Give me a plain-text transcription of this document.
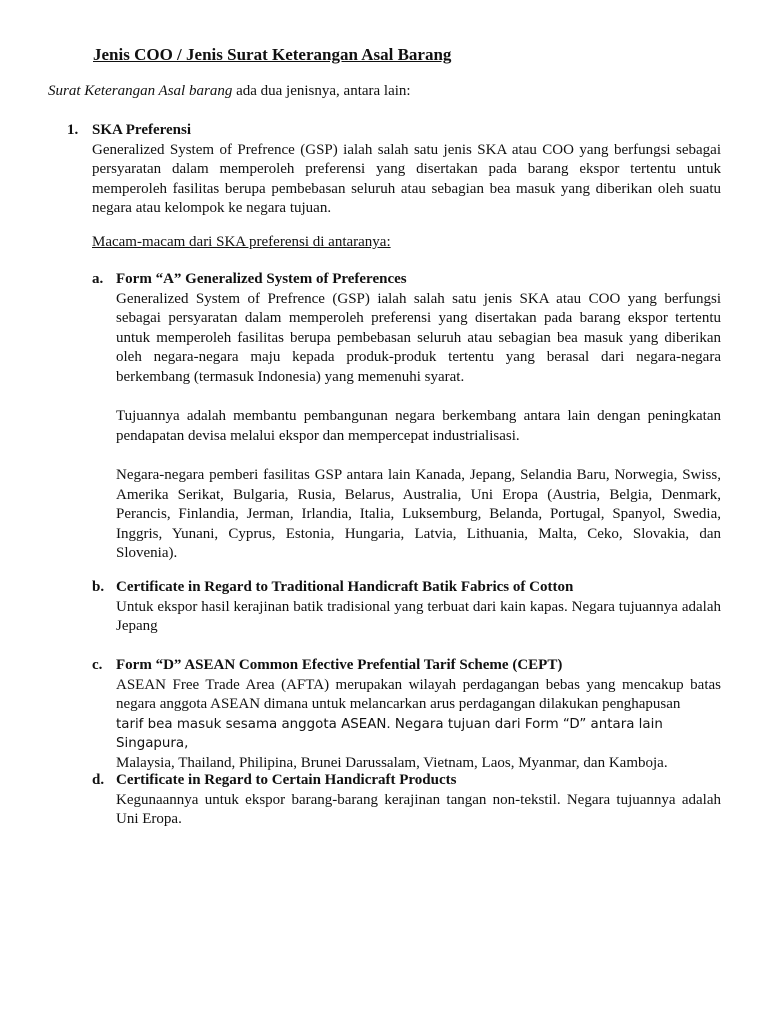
Jenis COO / Jenis Surat Keterangan Asal Barang

Surat Keterangan Asal barang ada dua jenisnya, antara lain:

1. SKA Preferensi
Generalized System of Prefrence (GSP) ialah salah satu jenis SKA atau COO yang berfungsi sebagai persyaratan dalam memperoleh preferensi yang disertakan pada barang ekspor tertentu untuk memperoleh fasilitas berupa pembebasan seluruh atau sebagian bea masuk yang diberikan oleh suatu negara atau kelompok ke negara tujuan.

Macam-macam dari SKA preferensi di antaranya:

a. Form “A” Generalized System of Preferences

Generalized System of Prefrence (GSP) ialah salah satu jenis SKA atau COO yang berfungsi sebagai persyaratan dalam memperoleh preferensi yang disertakan pada barang ekspor tertentu untuk memperoleh fasilitas berupa pembebasan seluruh atau sebagian bea masuk yang diberikan oleh negara-negara maju kepada produk-produk tertentu yang berasal dari negara-negara berkembang (termasuk Indonesia) yang memenuhi syarat.

Tujuannya adalah membantu pembangunan negara berkembang antara lain dengan peningkatan pendapatan devisa melalui ekspor dan mempercepat industrialisasi.

Negara-negara pemberi fasilitas GSP antara lain Kanada, Jepang, Selandia Baru, Norwegia, Swiss, Amerika Serikat, Bulgaria, Rusia, Belarus, Australia, Uni Eropa (Austria, Belgia, Denmark, Perancis, Finlandia, Jerman, Irlandia, Italia, Luksemburg, Belanda, Portugal, Spanyol, Swedia, Inggris, Yunani, Cyprus, Estonia, Hungaria, Latvia, Lithuania, Malta, Ceko, Slovakia, dan Slovenia).

b. Certificate in Regard to Traditional Handicraft Batik Fabrics of Cotton

Untuk ekspor hasil kerajinan batik tradisional yang terbuat dari kain kapas. Negara tujuannya adalah Jepang

c. Form “D” ASEAN Common Efective Prefential Tarif Scheme (CEPT)

ASEAN Free Trade Area (AFTA) merupakan wilayah perdagangan bebas yang mencakup batas negara anggota ASEAN dimana untuk melancarkan arus perdagangan dilakukan penghapusan

tarif bea masuk sesama anggota ASEAN. Negara tujuan dari Form “D” antara lain Singapura,

Malaysia, Thailand, Philipina, Brunei Darussalam, Vietnam, Laos, Myanmar, dan Kamboja.

d. Certificate in Regard to Certain Handicraft Products

Kegunaannya untuk ekspor barang-barang kerajinan tangan non-tekstil. Negara tujuannya adalah Uni Eropa.
